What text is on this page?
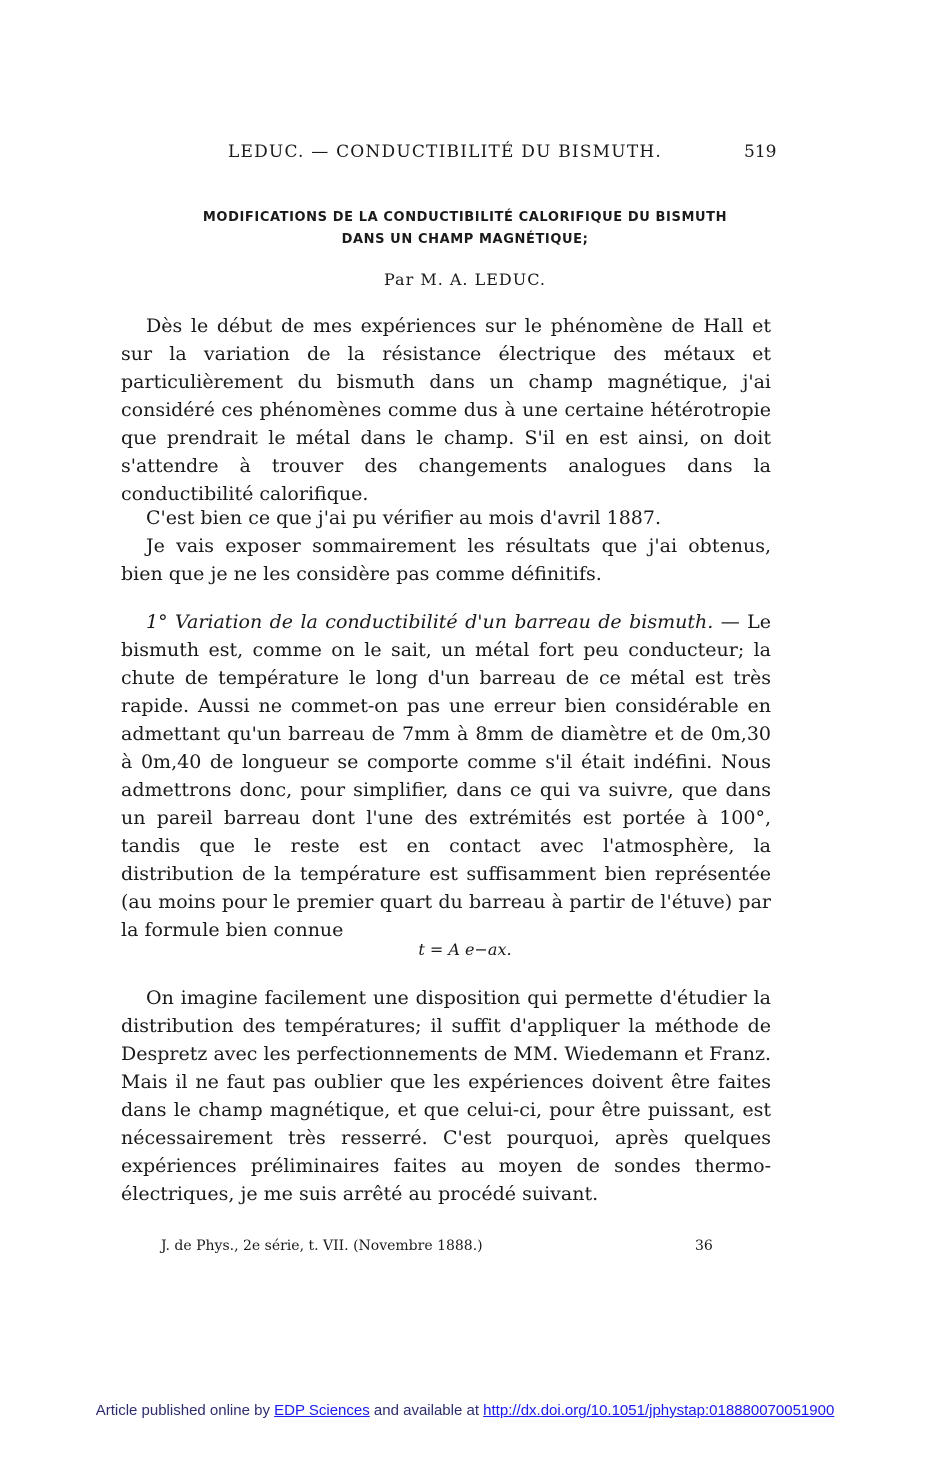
LEDUC. — CONDUCTIBILITÉ DU BISMUTH.	519
MODIFICATIONS DE LA CONDUCTIBILITÉ CALORIFIQUE DU BISMUTH
DANS UN CHAMP MAGNÉTIQUE;
Par M. A. LEDUC.

Dès le début de mes expériences sur le phénomène de Hall et sur la variation de la résistance électrique des métaux et particulièrement du bismuth dans un champ magnétique, j'ai considéré ces phénomènes comme dus à une certaine hétérotropie que prendrait le métal dans le champ. S'il en est ainsi, on doit s'attendre à trouver des changements analogues dans la conductibilité calorifique.

C'est bien ce que j'ai pu vérifier au mois d'avril 1887.

Je vais exposer sommairement les résultats que j'ai obtenus, bien que je ne les considère pas comme définitifs.

1° Variation de la conductibilité d'un barreau de bismuth. — Le bismuth est, comme on le sait, un métal fort peu conducteur; la chute de température le long d'un barreau de ce métal est très rapide. Aussi ne commet-on pas une erreur bien considérable en admettant qu'un barreau de 7mm à 8mm de diamètre et de 0m,30 à 0m,40 de longueur se comporte comme s'il était indéfini. Nous admettrons donc, pour simplifier, dans ce qui va suivre, que dans un pareil barreau dont l'une des extrémités est portée à 100°, tandis que le reste est en contact avec l'atmosphère, la distribution de la température est suffisamment bien représentée (au moins pour le premier quart du barreau à partir de l'étuve) par la formule bien connue

t = A e−ax.

On imagine facilement une disposition qui permette d'étudier la distribution des températures; il suffit d'appliquer la méthode de Despretz avec les perfectionnements de MM. Wiedemann et Franz. Mais il ne faut pas oublier que les expériences doivent être faites dans le champ magnétique, et que celui-ci, pour être puissant, est nécessairement très resserré. C'est pourquoi, après quelques expériences préliminaires faites au moyen de sondes thermo-électriques, je me suis arrêté au procédé suivant.

J. de Phys., 2e série, t. VII. (Novembre 1888.)	36
Article published online by EDP Sciences and available at http://dx.doi.org/10.1051/jphystap:018880070051900
